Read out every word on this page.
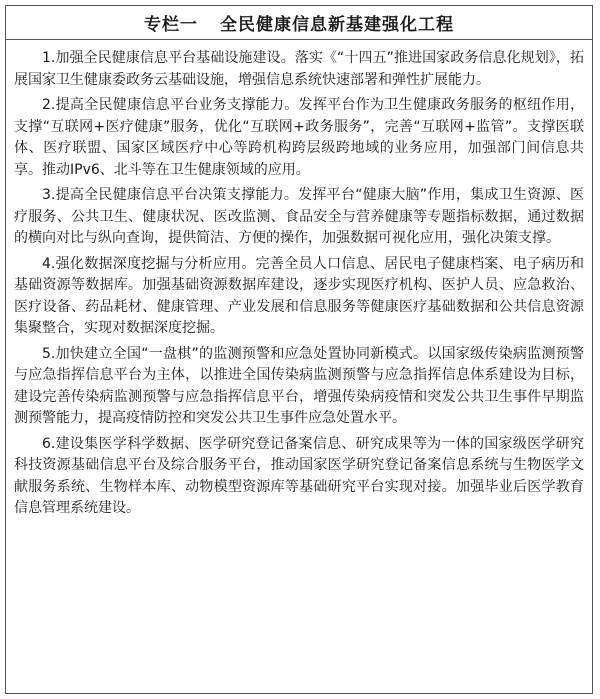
专栏一 全民健康信息新基建强化工程

1.加强全民健康信息平台基础设施建设。落实《“十四五”推进国家政务信息化规划》，拓展国家卫生健康委政务云基础设施，增强信息系统快速部署和弹性扩展能力。

2.提高全民健康信息平台业务支撑能力。发挥平台作为卫生健康政务服务的枢纽作用，支撑“互联网+医疗健康”服务，优化“互联网+政务服务”，完善“互联网+监管”。支撑医联体、医疗联盟、国家区域医疗中心等跨机构跨层级跨地域的业务应用，加强部门间信息共享。推动IPv6、北斗等在卫生健康领域的应用。

3.提高全民健康信息平台决策支撑能力。发挥平台“健康大脑”作用，集成卫生资源、医疗服务、公共卫生、健康状况、医改监测、食品安全与营养健康等专题指标数据，通过数据的横向对比与纵向查询，提供简洁、方便的操作，加强数据可视化应用，强化决策支撑。

4.强化数据深度挖掘与分析应用。完善全员人口信息、居民电子健康档案、电子病历和基础资源等数据库。加强基础资源数据库建设，逐步实现医疗机构、医护人员、应急救治、医疗设备、药品耗材、健康管理、产业发展和信息服务等健康医疗基础数据和公共信息资源集聚整合，实现对数据深度挖掘。

5.加快建立全国“一盘棋”的监测预警和应急处置协同新模式。以国家级传染病监测预警与应急指挥信息平台为主体，以推进全国传染病监测预警与应急指挥信息体系建设为目标，建设完善传染病监测预警与应急指挥信息平台，增强传染病疫情和突发公共卫生事件早期监测预警能力，提高疫情防控和突发公共卫生事件应急处置水平。

6.建设集医学科学数据、医学研究登记备案信息、研究成果等为一体的国家级医学研究科技资源基础信息平台及综合服务平台，推动国家医学研究登记备案信息系统与生物医学文献服务系统、生物样本库、动物模型资源库等基础研究平台实现对接。加强毕业后医学教育信息管理系统建设。
